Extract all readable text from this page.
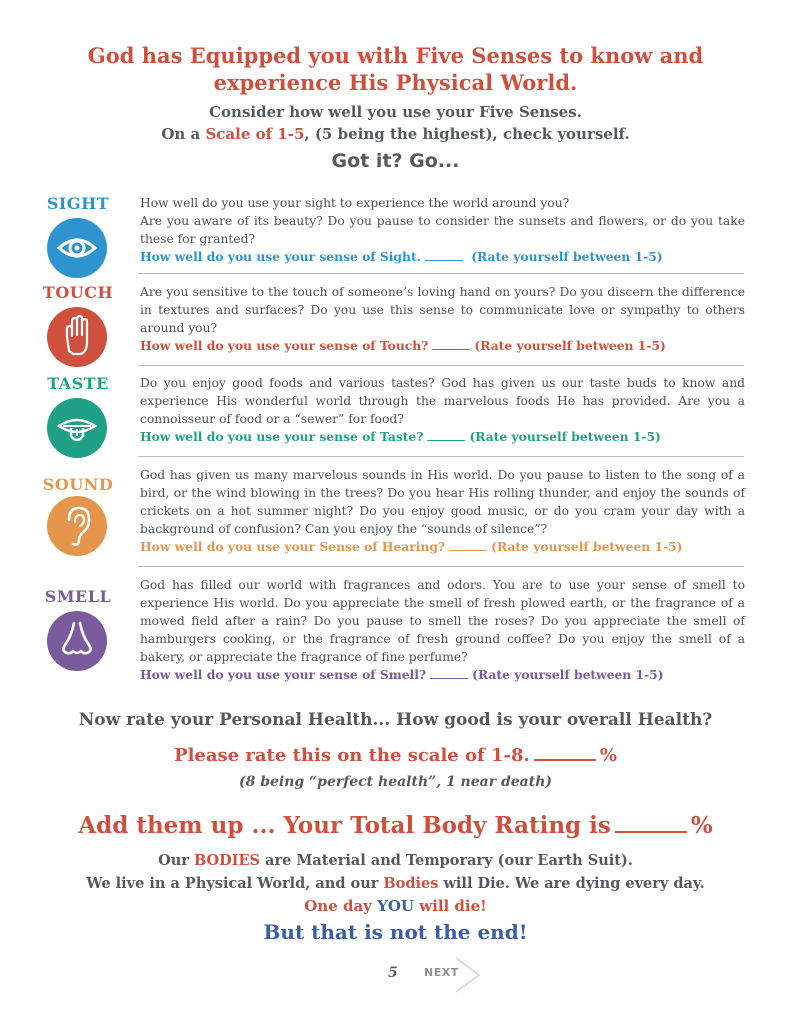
God has Equipped you with Five Senses to know and
experience His Physical World.
Consider how well you use your Five Senses.
On a Scale of 1-5, (5 being the highest), check yourself.
Got it? Go...
SIGHT	How well do you use your sight to experience the world around you?

Are you aware of its beauty? Do you pause to consider the sunsets and flowers, or do you take these for granted?

How well do you use your sense of Sight.	(Rate yourself between 1-5)

TOUCH	Are you sensitive to the touch of someone’s loving hand on yours? Do you discern the difference in textures and surfaces? Do you use this sense to communicate love or sympathy to others around you?

How well do you use your sense of Touch?	(Rate yourself between 1-5)

TASTE	Do you enjoy good foods and various tastes? God has given us our taste buds to know and experience His wonderful world through the marvelous foods He has provided. Are you a connoisseur of food or a “sewer” for food?

How well do you use your sense of Taste?	(Rate yourself between 1-5)

SOUND	God has given us many marvelous sounds in His world. Do you pause to listen to the song of a bird, or the wind blowing in the trees? Do you hear His rolling thunder, and enjoy the sounds of crickets on a hot summer night? Do you enjoy good music, or do you cram your day with a background of confusion? Can you enjoy the “sounds of silence”?

How well do you use your Sense of Hearing?	(Rate yourself between 1-5)

SMELL

God has filled our world with fragrances and odors. You are to use your sense of smell to experience His world. Do you appreciate the smell of fresh plowed earth, or the fragrance of a mowed field after a rain? Do you pause to smell the roses? Do you appreciate the smell of hamburgers cooking, or the fragrance of fresh ground coffee? Do you enjoy the smell of a bakery, or appreciate the fragrance of fine perfume?

How well do you use your sense of Smell?	(Rate yourself between 1-5)

Now rate your Personal Health... How good is your overall Health?
Please rate this on the scale of 1-8.	%
(8 being “perfect health”, 1 near death)
Add them up ... Your Total Body Rating is	%
Our BODIES are Material and Temporary (our Earth Suit).
We live in a Physical World, and our Bodies will Die. We are dying every day.
One day YOU will die!
But that is not the end!
5 NEXT
